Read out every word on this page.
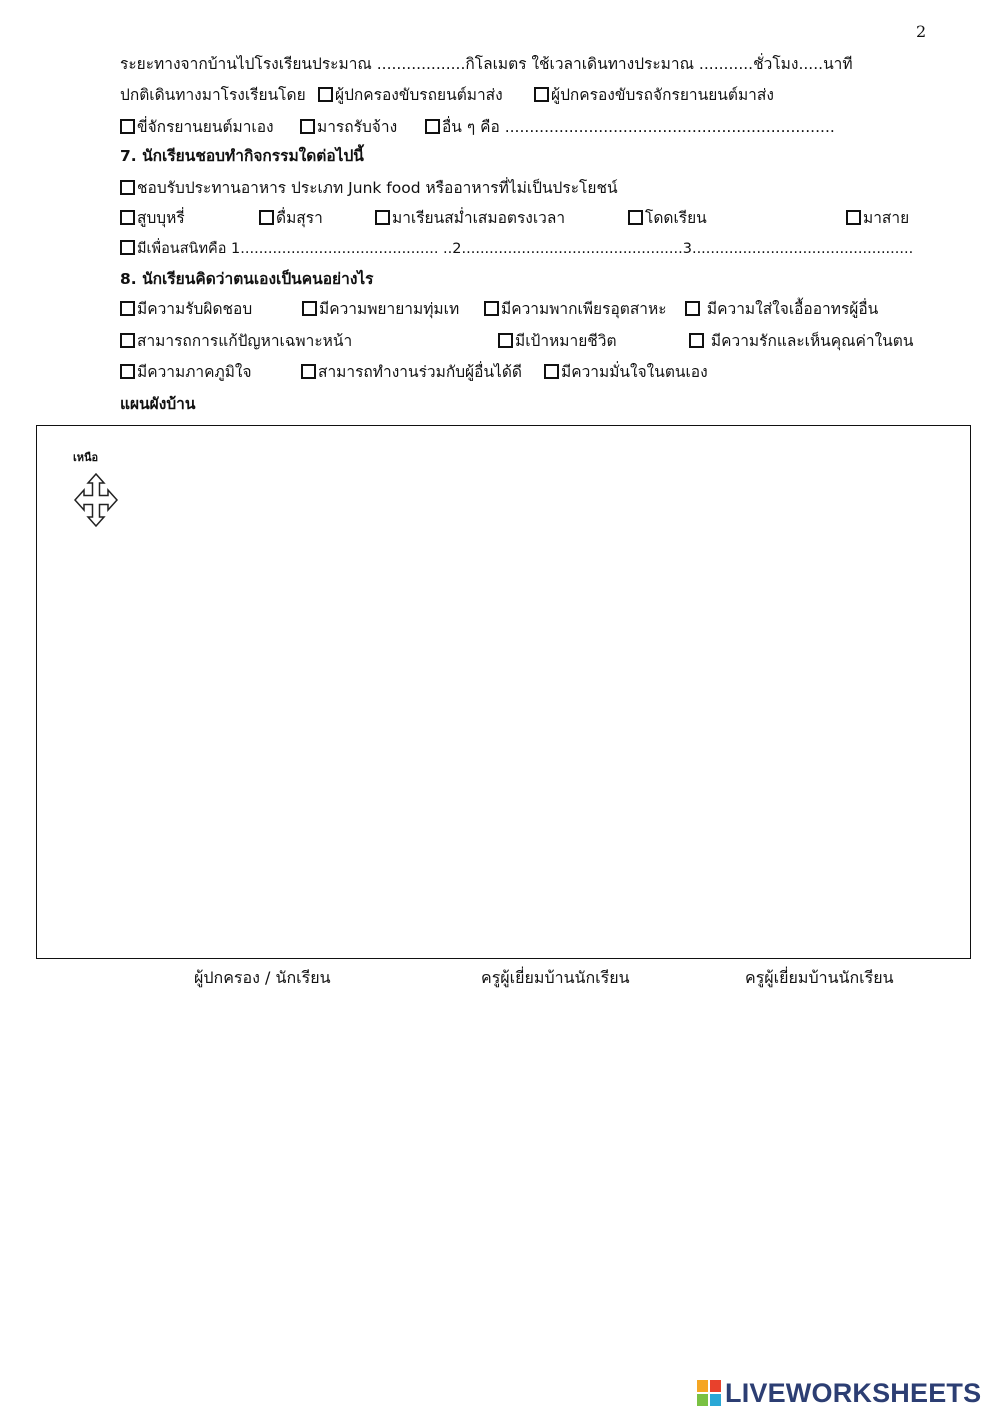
2
ระยะทางจากบ้านไปโรงเรียนประมาณ ..................กิโลเมตร ใช้เวลาเดินทางประมาณ ...........ชั่วโมง.....นาที
ปกติเดินทางมาโรงเรียนโดย	ผู้ปกครองขับรถยนต์มาส่ง	ผู้ปกครองขับรถจักรยานยนต์มาส่ง
ขี่จักรยานยนต์มาเอง	มารถรับจ้าง	อื่น ๆ คือ ...................................................................
7. นักเรียนชอบทำกิจกรรมใดต่อไปนี้
ชอบรับประทานอาหาร ประเภท Junk food หรืออาหารที่ไม่เป็นประโยชน์
สูบบุหรี่	ดื่มสุรา	มาเรียนสม่ำเสมอตรงเวลา	โดดเรียน	มาสาย
มีเพื่อนสนิทคือ 1........................................... ..2................................................3................................................
8. นักเรียนคิดว่าตนเองเป็นคนอย่างไร
มีความรับผิดชอบ	มีความพยายามทุ่มเท	มีความพากเพียรอุตสาหะ	มีความใส่ใจเอื้ออาทรผู้อื่น
สามารถการแก้ปัญหาเฉพาะหน้า	มีเป้าหมายชีวิต	มีความรักและเห็นคุณค่าในตน
มีความภาคภูมิใจ	สามารถทำงานร่วมกับผู้อื่นได้ดี	มีความมั่นใจในตนเอง
แผนผังบ้าน
เหนือ
ผู้ปกครอง / นักเรียน	ครูผู้เยี่ยมบ้านนักเรียน	ครูผู้เยี่ยมบ้านนักเรียน
LIVEWORKSHEETS
